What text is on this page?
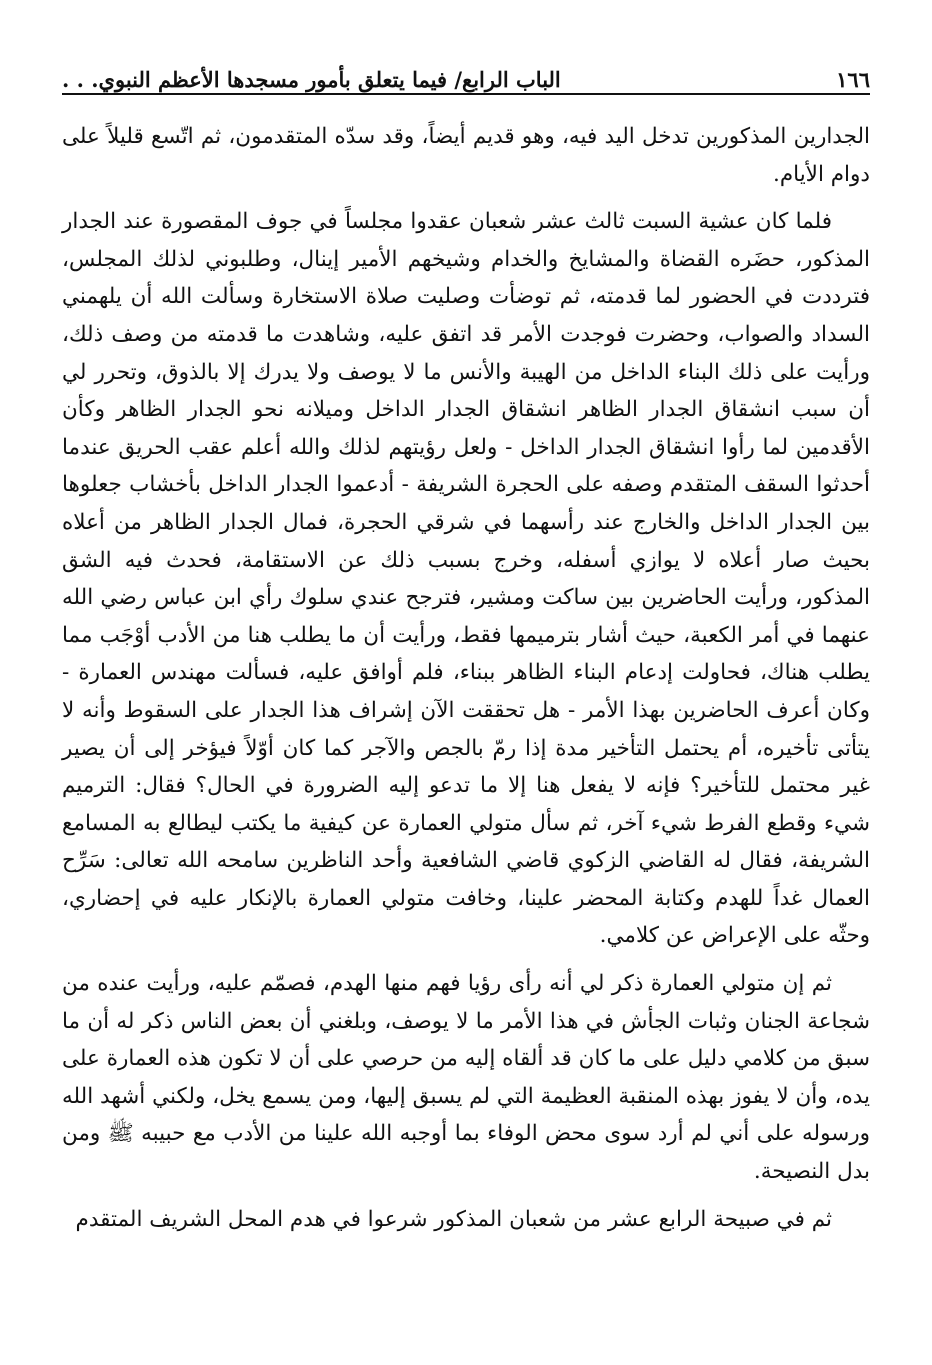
١٦٦
الباب الرابع/ فيما يتعلق بأمور مسجدها الأعظم النبوي. . .

الجدارين المذكورين تدخل اليد فيه، وهو قديم أيضاً، وقد سدّه المتقدمون، ثم اتّسع قليلاً على دوام الأيام.

فلما كان عشية السبت ثالث عشر شعبان عقدوا مجلساً في جوف المقصورة عند الجدار المذكور، حضَره القضاة والمشايخ والخدام وشيخهم الأمير إينال، وطلبوني لذلك المجلس، فترددت في الحضور لما قدمته، ثم توضأت وصليت صلاة الاستخارة وسألت الله أن يلهمني السداد والصواب، وحضرت فوجدت الأمر قد اتفق عليه، وشاهدت ما قدمته من وصف ذلك، ورأيت على ذلك البناء الداخل من الهيبة والأنس ما لا يوصف ولا يدرك إلا بالذوق، وتحرر لي أن سبب انشقاق الجدار الظاهر انشقاق الجدار الداخل وميلانه نحو الجدار الظاهر وكأن الأقدمين لما رأوا انشقاق الجدار الداخل - ولعل رؤيتهم لذلك والله أعلم عقب الحريق عندما أحدثوا السقف المتقدم وصفه على الحجرة الشريفة - أدعموا الجدار الداخل بأخشاب جعلوها بين الجدار الداخل والخارج عند رأسهما في شرقي الحجرة، فمال الجدار الظاهر من أعلاه بحيث صار أعلاه لا يوازي أسفله، وخرج بسبب ذلك عن الاستقامة، فحدث فيه الشق المذكور، ورأيت الحاضرين بين ساكت ومشير، فترجح عندي سلوك رأي ابن عباس رضي الله عنهما في أمر الكعبة، حيث أشار بترميمها فقط، ورأيت أن ما يطلب هنا من الأدب أوْجَب مما يطلب هناك، فحاولت إدعام البناء الظاهر ببناء، فلم أوافق عليه، فسألت مهندس العمارة - وكان أعرف الحاضرين بهذا الأمر - هل تحققت الآن إشراف هذا الجدار على السقوط وأنه لا يتأتى تأخيره، أم يحتمل التأخير مدة إذا رمّ بالجص والآجر كما كان أوّلاً فيؤخر إلى أن يصير غير محتمل للتأخير؟ فإنه لا يفعل هنا إلا ما تدعو إليه الضرورة في الحال؟ فقال: الترميم شيء وقطع الفرط شيء آخر، ثم سأل متولي العمارة عن كيفية ما يكتب ليطالع به المسامع الشريفة، فقال له القاضي الزكوي قاضي الشافعية وأحد الناظرين سامحه الله تعالى: سَرِّح العمال غداً للهدم وكتابة المحضر علينا، وخافت متولي العمارة بالإنكار عليه في إحضاري، وحثّه على الإعراض عن كلامي.

ثم إن متولي العمارة ذكر لي أنه رأى رؤيا فهم منها الهدم، فصمّم عليه، ورأيت عنده من شجاعة الجنان وثبات الجأش في هذا الأمر ما لا يوصف، وبلغني أن بعض الناس ذكر له أن ما سبق من كلامي دليل على ما كان قد ألقاه إليه من حرصي على أن لا تكون هذه العمارة على يده، وأن لا يفوز بهذه المنقبة العظيمة التي لم يسبق إليها، ومن يسمع يخل، ولكني أشهد الله ورسوله على أني لم أرد سوى محض الوفاء بما أوجبه الله علينا من الأدب مع حبيبه ﷺ ومن بدل النصيحة.

ثم في صبيحة الرابع عشر من شعبان المذكور شرعوا في هدم المحل الشريف المتقدم
